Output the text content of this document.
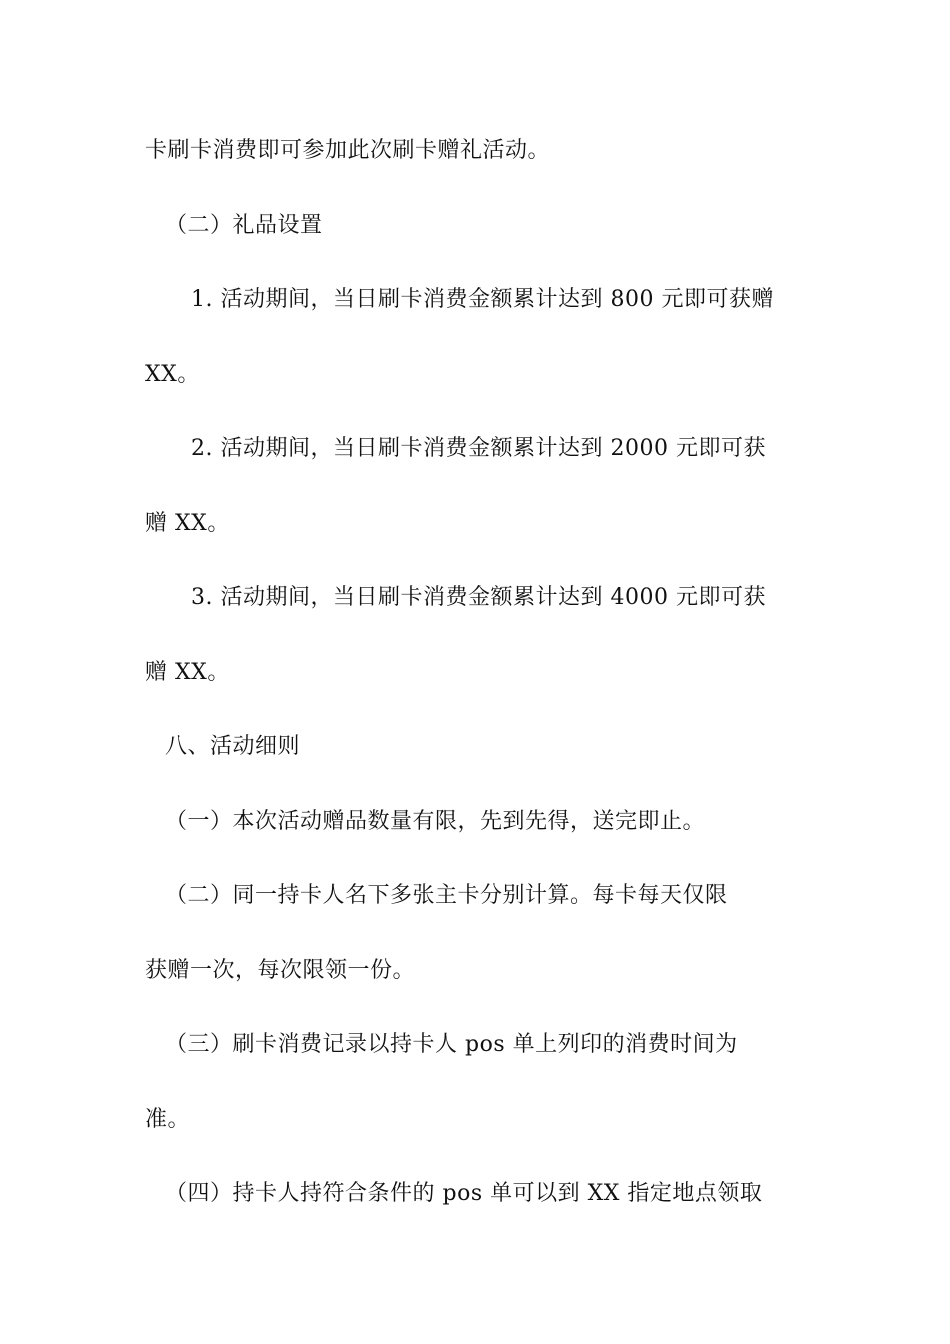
卡刷卡消费即可参加此次刷卡赠礼活动。
（二）礼品设置
1. 活动期间，当日刷卡消费金额累计达到 800 元即可获赠
XX。
2. 活动期间，当日刷卡消费金额累计达到 2000 元即可获
赠 XX。
3. 活动期间，当日刷卡消费金额累计达到 4000 元即可获
赠 XX。
八、活动细则
（一）本次活动赠品数量有限，先到先得，送完即止。
（二）同一持卡人名下多张主卡分别计算。每卡每天仅限
获赠一次，每次限领一份。
（三）刷卡消费记录以持卡人 pos 单上列印的消费时间为
准。
（四）持卡人持符合条件的 pos 单可以到 XX 指定地点领取
